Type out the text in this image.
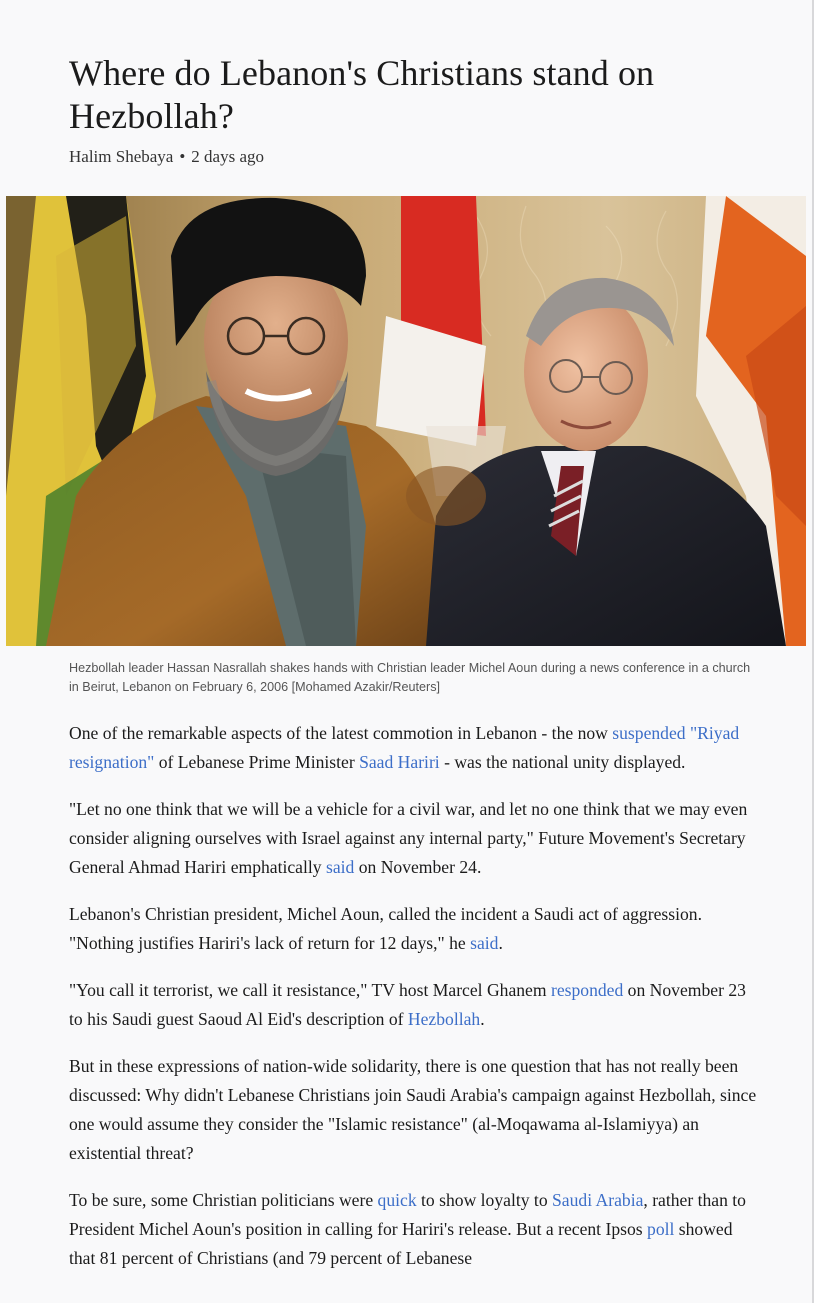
Where do Lebanon's Christians stand on Hezbollah?
Halim Shebaya • 2 days ago
Hezbollah leader Hassan Nasrallah shakes hands with Christian leader Michel Aoun during a news conference in a church in Beirut, Lebanon on February 6, 2006 [Mohamed Azakir/Reuters]

One of the remarkable aspects of the latest commotion in Lebanon - the now suspended "Riyad resignation" of Lebanese Prime Minister Saad Hariri - was the national unity displayed.

"Let no one think that we will be a vehicle for a civil war, and let no one think that we may even consider aligning ourselves with Israel against any internal party," Future Movement's Secretary General Ahmad Hariri emphatically said on November 24.

Lebanon's Christian president, Michel Aoun, called the incident a Saudi act of aggression. "Nothing justifies Hariri's lack of return for 12 days," he said.

"You call it terrorist, we call it resistance," TV host Marcel Ghanem responded on November 23 to his Saudi guest Saoud Al Eid's description of Hezbollah.

But in these expressions of nation-wide solidarity, there is one question that has not really been discussed: Why didn't Lebanese Christians join Saudi Arabia's campaign against Hezbollah, since one would assume they consider the "Islamic resistance" (al-Moqawama al-Islamiyya) an existential threat?

To be sure, some Christian politicians were quick to show loyalty to Saudi Arabia, rather than to President Michel Aoun's position in calling for Hariri's release. But a recent Ipsos poll showed that 81 percent of Christians (and 79 percent of Lebanese
